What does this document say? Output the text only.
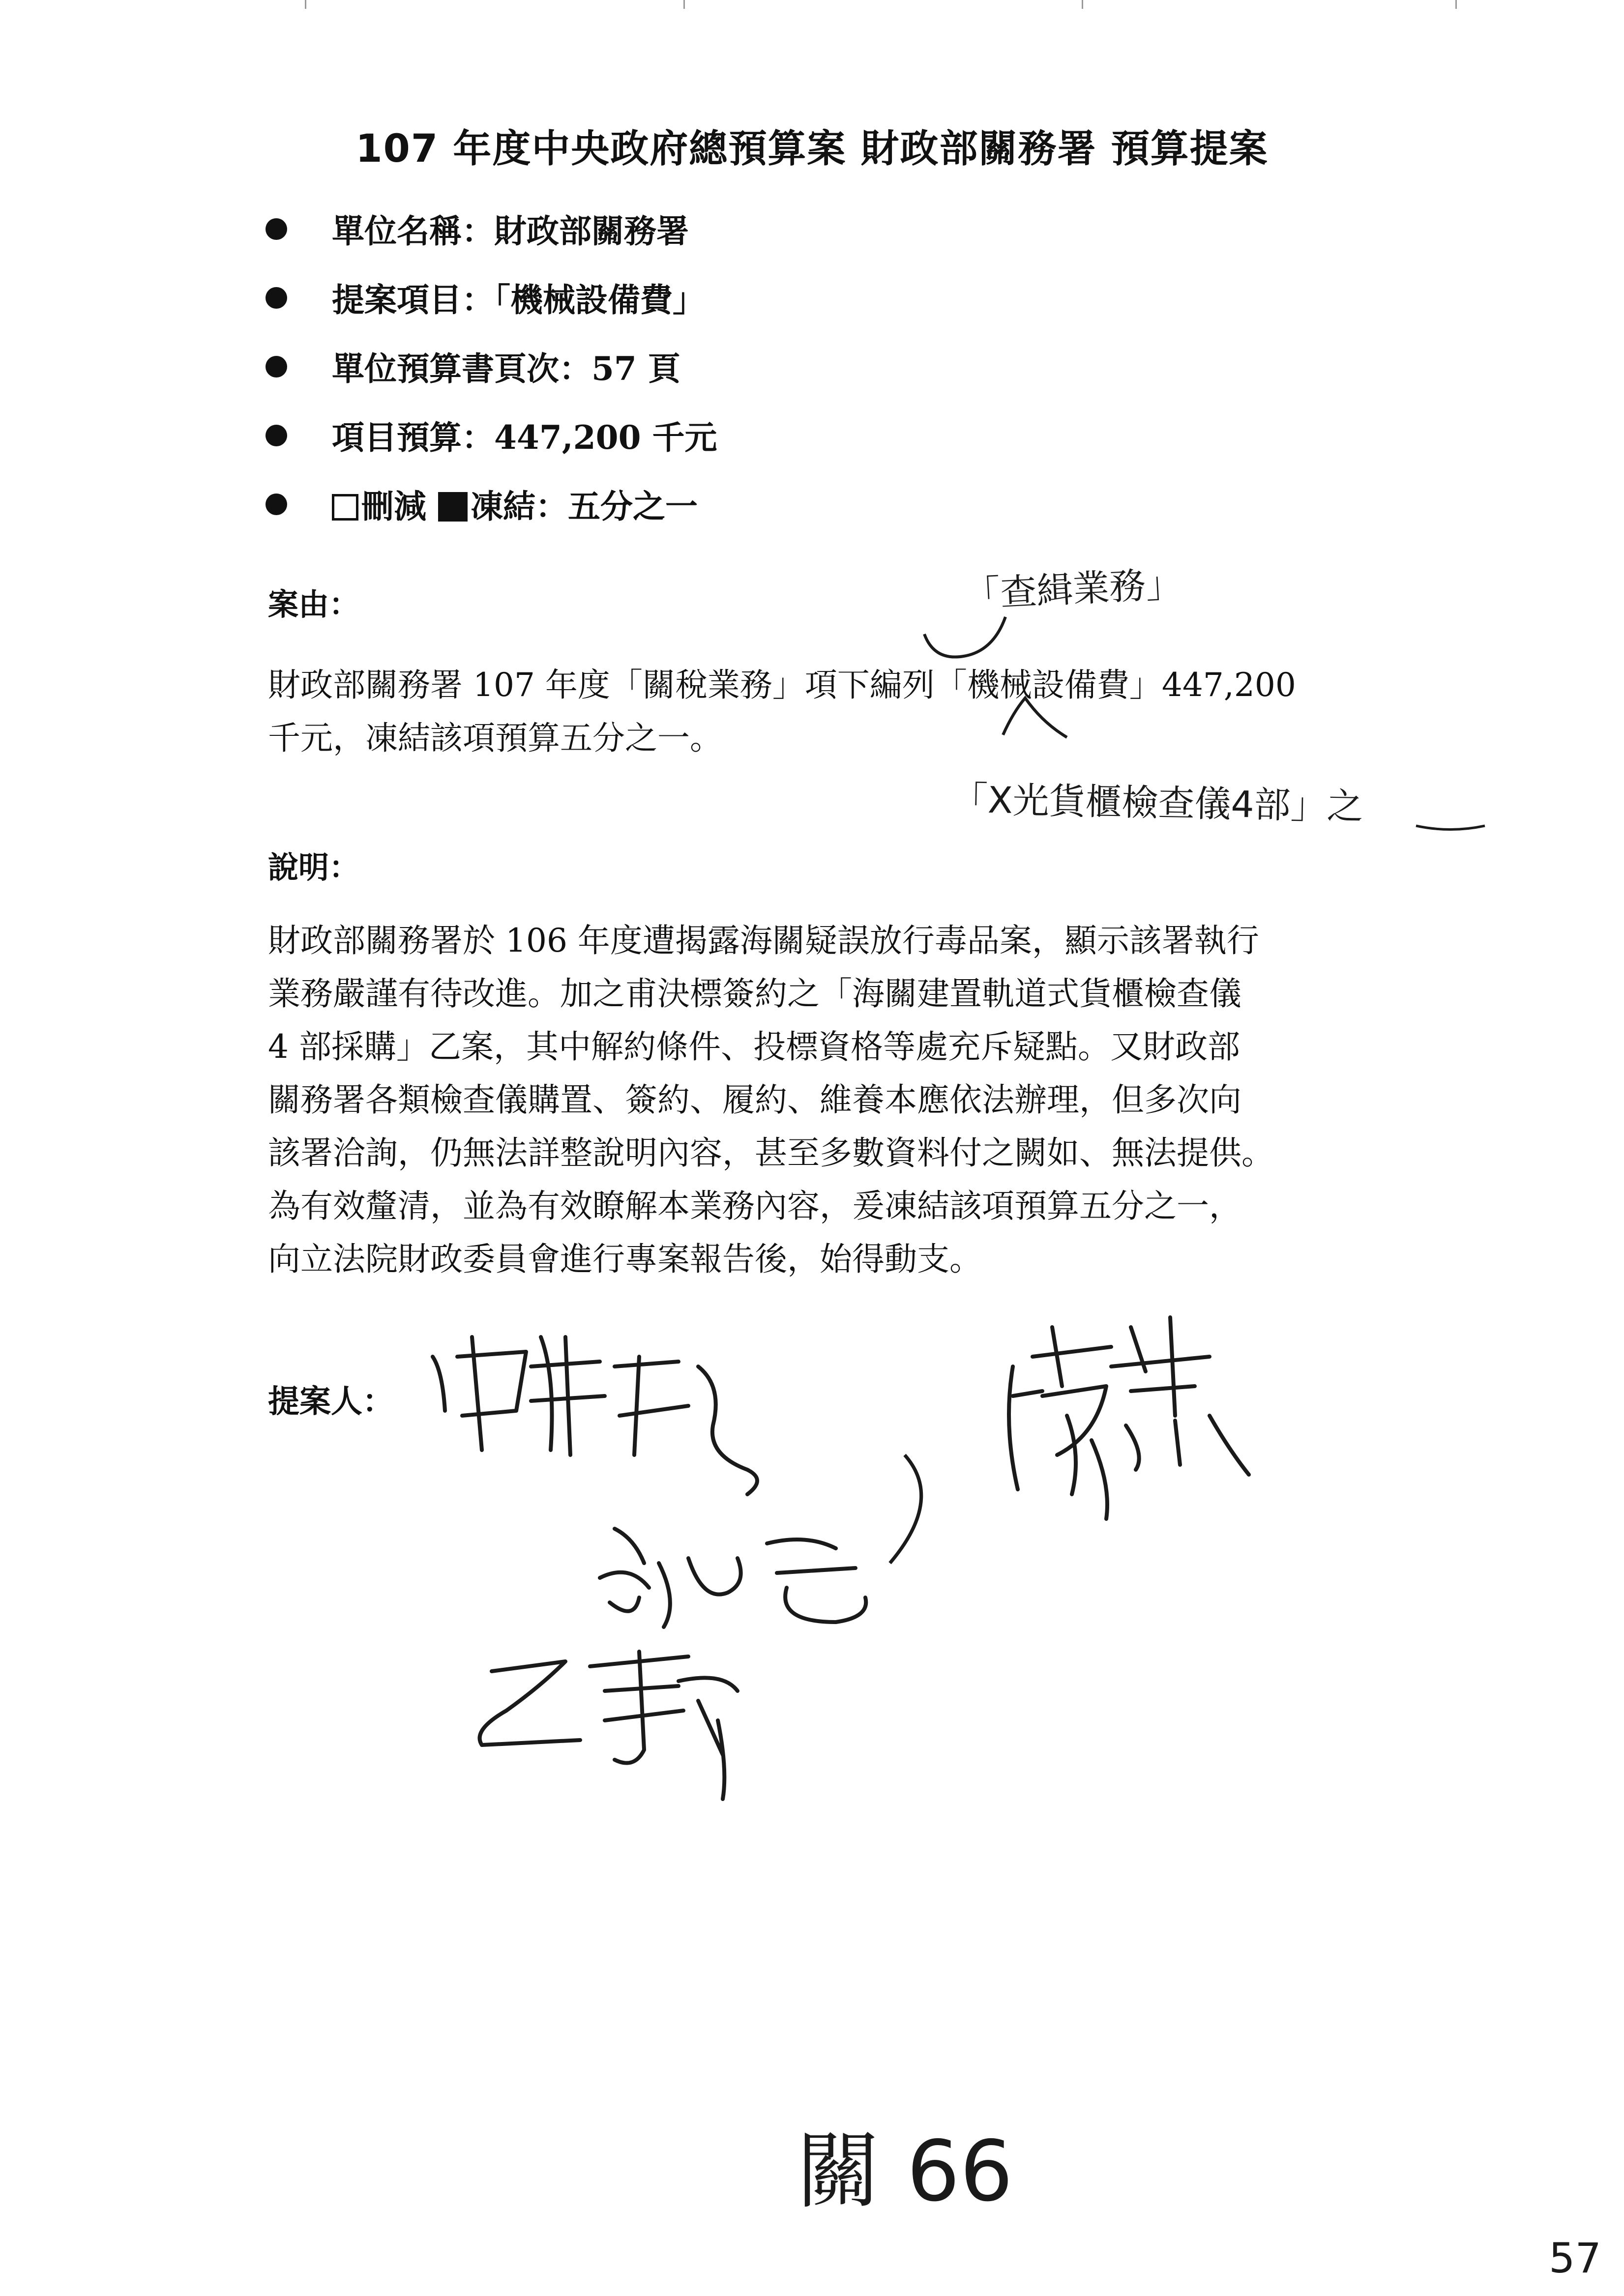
107 年度中央政府總預算案 財政部關務署 預算提案
單位名稱：財政部關務署
提案項目：「機械設備費」
單位預算書頁次：57 頁
項目預算：447,200 千元
刪減 凍結：五分之一
案由：

財政部關務署 107 年度「關稅業務」項下編列「機械設備費」447,200
千元，凍結該項預算五分之一。

說明：

財政部關務署於 106 年度遭揭露海關疑誤放行毒品案，顯示該署執行
業務嚴謹有待改進。加之甫決標簽約之「海關建置軌道式貨櫃檢查儀
4 部採購」乙案，其中解約條件、投標資格等處充斥疑點。又財政部
關務署各類檢查儀購置、簽約、履約、維養本應依法辦理，但多次向
該署洽詢，仍無法詳整說明內容，甚至多數資料付之闕如、無法提供。
為有效釐清，並為有效瞭解本業務內容，爰凍結該項預算五分之一，
向立法院財政委員會進行專案報告後，始得動支。

「查緝業務」
「X光貨櫃檢查儀4部」之
提案人：
關 66
57
